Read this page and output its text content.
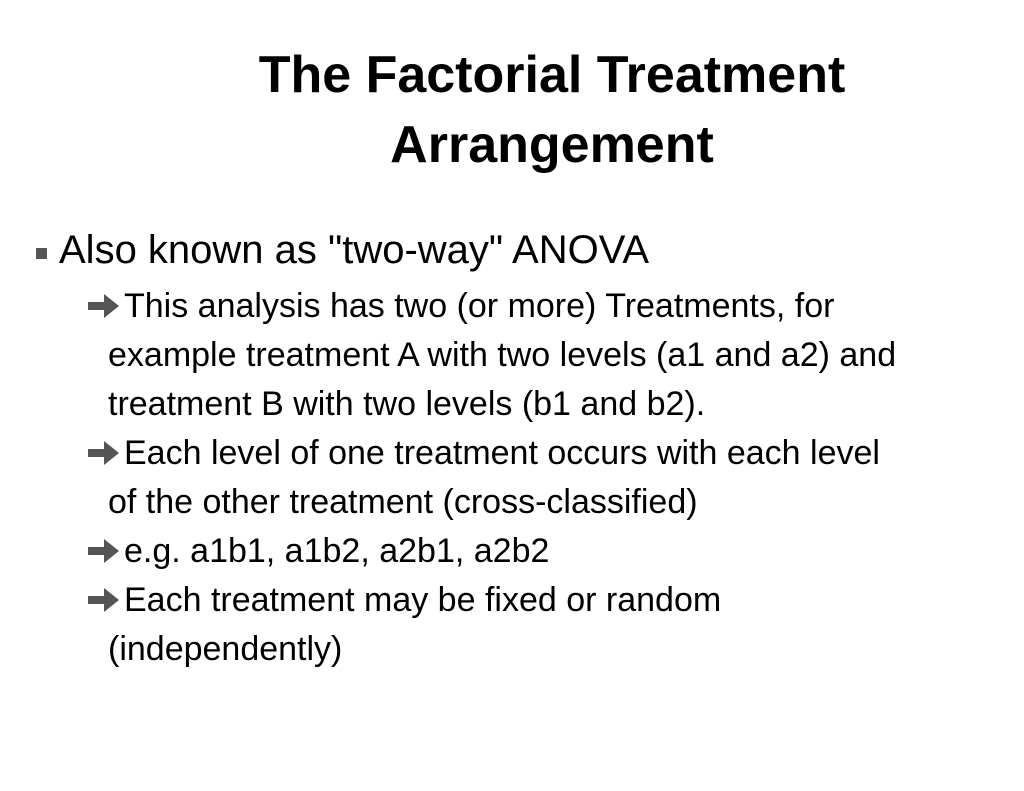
The Factorial Treatment
Arrangement
Also known as "two-way" ANOVA
This analysis has two (or more) Treatments, for
example treatment A with two levels (a1 and a2) and
treatment B with two levels (b1 and b2).
Each level of one treatment occurs with each level
of the other treatment (cross-classified)
e.g. a1b1, a1b2, a2b1, a2b2
Each treatment may be fixed or random
(independently)
